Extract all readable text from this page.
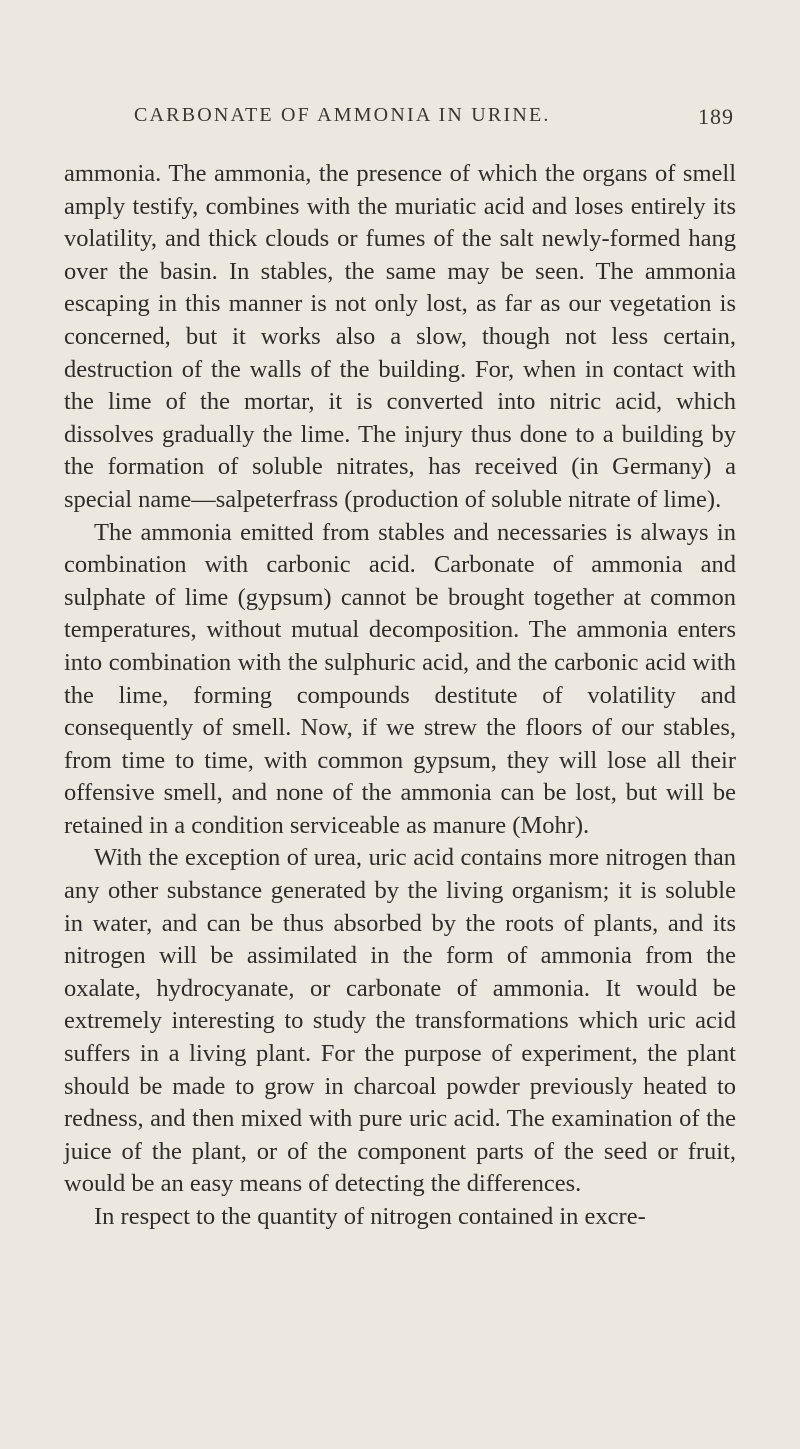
CARBONATE OF AMMONIA IN URINE.	189

ammonia. The ammonia, the presence of which the organs of smell amply testify, combines with the muriatic acid and loses entirely its volatility, and thick clouds or fumes of the salt newly-formed hang over the basin. In stables, the same may be seen. The ammonia escaping in this manner is not only lost, as far as our vegetation is concerned, but it works also a slow, though not less certain, destruction of the walls of the building. For, when in contact with the lime of the mortar, it is converted into nitric acid, which dissolves gradually the lime. The injury thus done to a building by the formation of soluble nitrates, has received (in Germany) a special name—salpeterfrass (production of soluble nitrate of lime).

The ammonia emitted from stables and necessaries is always in combination with carbonic acid. Carbonate of ammonia and sulphate of lime (gypsum) cannot be brought together at common temperatures, without mutual decomposition. The ammonia enters into combination with the sulphuric acid, and the carbonic acid with the lime, forming compounds destitute of volatility and consequently of smell. Now, if we strew the floors of our stables, from time to time, with common gypsum, they will lose all their offensive smell, and none of the ammonia can be lost, but will be retained in a condition serviceable as manure (Mohr).

With the exception of urea, uric acid contains more nitrogen than any other substance generated by the living organism; it is soluble in water, and can be thus absorbed by the roots of plants, and its nitrogen will be assimilated in the form of ammonia from the oxalate, hydrocyanate, or carbonate of ammonia. It would be extremely interesting to study the transformations which uric acid suffers in a living plant. For the purpose of experiment, the plant should be made to grow in charcoal powder previously heated to redness, and then mixed with pure uric acid. The examination of the juice of the plant, or of the component parts of the seed or fruit, would be an easy means of detecting the differences.

In respect to the quantity of nitrogen contained in excre-
